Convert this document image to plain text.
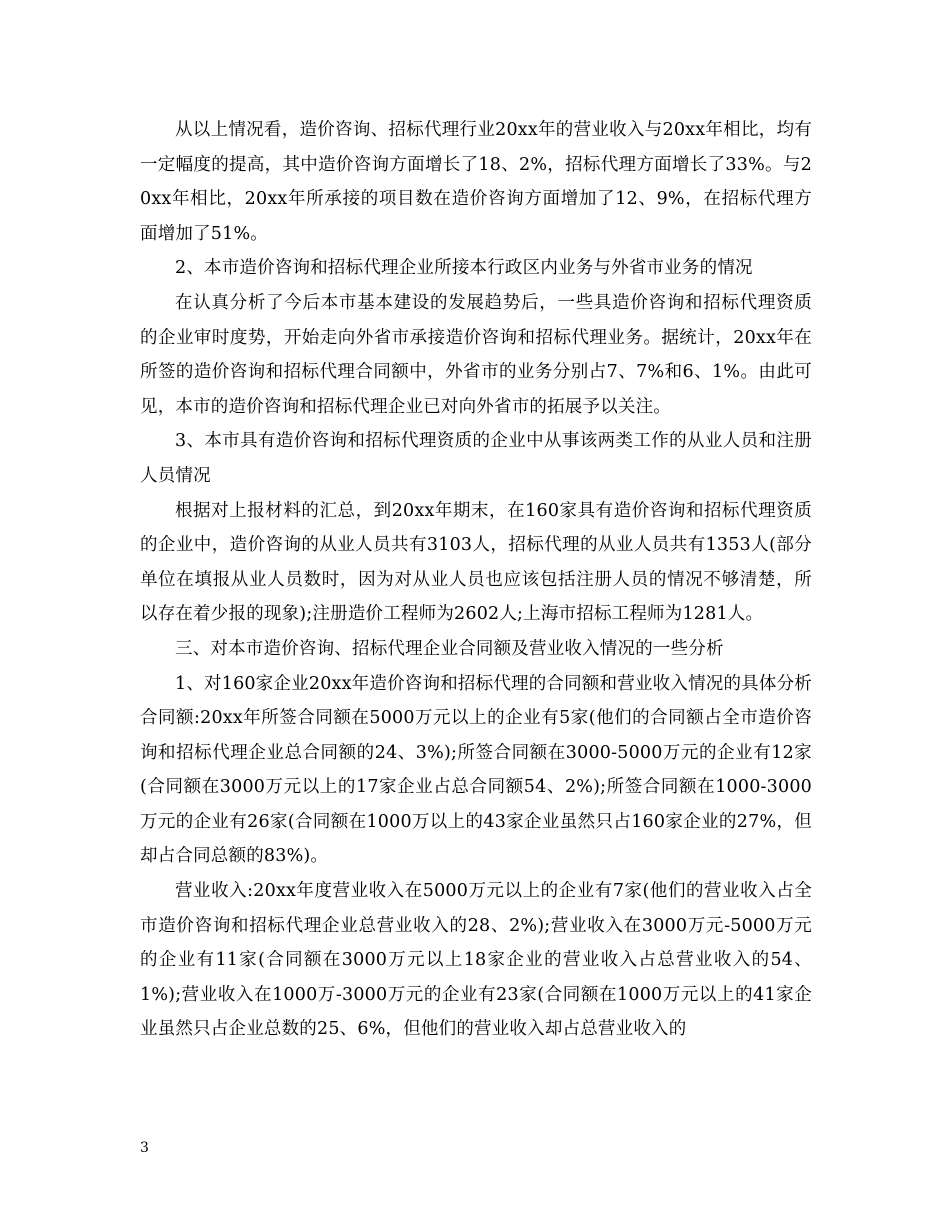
从以上情况看，造价咨询、招标代理行业20xx年的营业收入与20xx年相比，均有一定幅度的提高，其中造价咨询方面增长了18、2%，招标代理方面增长了33%。与20xx年相比，20xx年所承接的项目数在造价咨询方面增加了12、9%，在招标代理方面增加了51%。

2、本市造价咨询和招标代理企业所接本行政区内业务与外省市业务的情况

在认真分析了今后本市基本建设的发展趋势后，一些具造价咨询和招标代理资质的企业审时度势，开始走向外省市承接造价咨询和招标代理业务。据统计，20xx年在所签的造价咨询和招标代理合同额中，外省市的业务分别占7、7%和6、1%。由此可见，本市的造价咨询和招标代理企业已对向外省市的拓展予以关注。

3、本市具有造价咨询和招标代理资质的企业中从事该两类工作的从业人员和注册人员情况

根据对上报材料的汇总，到20xx年期末，在160家具有造价咨询和招标代理资质的企业中，造价咨询的从业人员共有3103人，招标代理的从业人员共有1353人(部分单位在填报从业人员数时，因为对从业人员也应该包括注册人员的情况不够清楚，所以存在着少报的现象);注册造价工程师为2602人;上海市招标工程师为1281人。

三、对本市造价咨询、招标代理企业合同额及营业收入情况的一些分析

1、对160家企业20xx年造价咨询和招标代理的合同额和营业收入情况的具体分析合同额:20xx年所签合同额在5000万元以上的企业有5家(他们的合同额占全市造价咨询和招标代理企业总合同额的24、3%);所签合同额在3000-5000万元的企业有12家(合同额在3000万元以上的17家企业占总合同额54、2%);所签合同额在1000-3000万元的企业有26家(合同额在1000万以上的43家企业虽然只占160家企业的27%，但却占合同总额的83%)。

营业收入:20xx年度营业收入在5000万元以上的企业有7家(他们的营业收入占全市造价咨询和招标代理企业总营业收入的28、2%);营业收入在3000万元-5000万元的企业有11家(合同额在3000万元以上18家企业的营业收入占总营业收入的54、1%);营业收入在1000万-3000万元的企业有23家(合同额在1000万元以上的41家企业虽然只占企业总数的25、6%，但他们的营业收入却占总营业收入的

3
